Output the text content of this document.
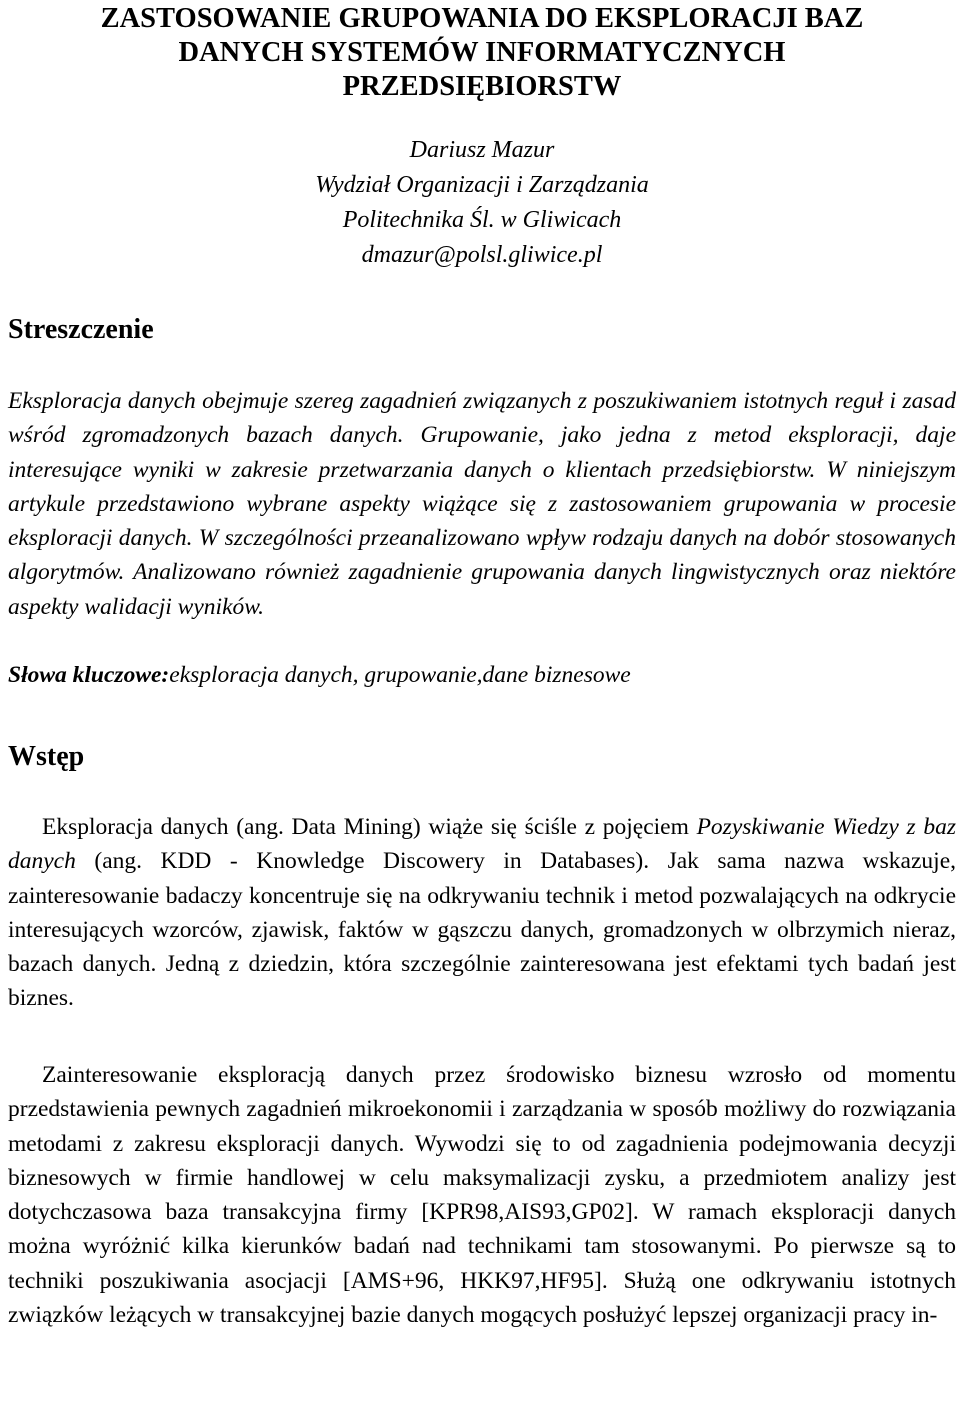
ZASTOSOWANIE GRUPOWANIA DO EKSPLORACJI BAZ
DANYCH SYSTEMÓW INFORMATYCZNYCH
PRZEDSIĘBIORSTW
Dariusz Mazur
Wydział Organizacji i Zarządzania
Politechnika Śl. w Gliwicach
dmazur@polsl.gliwice.pl
Streszczenie

Eksploracja danych obejmuje szereg zagadnień związanych z poszukiwaniem istotnych reguł i zasad wśród zgromadzonych bazach danych. Grupowanie, jako jedna z metod eksploracji, daje interesujące wyniki w zakresie przetwarzania danych o klientach przedsiębiorstw. W niniejszym artykule przedstawiono wybrane aspekty wiążące się z zastosowaniem grupowania w procesie eksploracji danych. W szczególności przeanalizowano wpływ rodzaju danych na dobór stosowanych algorytmów. Analizowano również zagadnienie grupowania danych lingwistycznych oraz niektóre aspekty walidacji wyników.

Słowa kluczowe:eksploracja danych, grupowanie,dane biznesowe

Wstęp

Eksploracja danych (ang. Data Mining) wiąże się ściśle z pojęciem Pozyskiwanie Wiedzy z baz danych (ang. KDD - Knowledge Discowery in Databases). Jak sama nazwa wskazuje, zainteresowanie badaczy koncentruje się na odkrywaniu technik i metod pozwalających na odkrycie interesujących wzorców, zjawisk, faktów w gąszczu danych, gromadzonych w olbrzymich nieraz, bazach danych. Jedną z dziedzin, która szczególnie zainteresowana jest efektami tych badań jest biznes.

Zainteresowanie eksploracją danych przez środowisko biznesu wzrosło od momentu przedstawienia pewnych zagadnień mikroekonomii i zarządzania w sposób możliwy do rozwiązania metodami z zakresu eksploracji danych. Wywodzi się to od zagadnienia podejmowania decyzji biznesowych w firmie handlowej w celu maksymalizacji zysku, a przedmiotem analizy jest dotychczasowa baza transakcyjna firmy [KPR98,AIS93,GP02]. W ramach eksploracji danych można wyróżnić kilka kierunków badań nad technikami tam stosowanymi. Po pierwsze są to techniki poszukiwania asocjacji [AMS+96, HKK97,HF95]. Służą one odkrywaniu istotnych związków leżących w transakcyjnej bazie danych mogących posłużyć lepszej organizacji pracy in-
